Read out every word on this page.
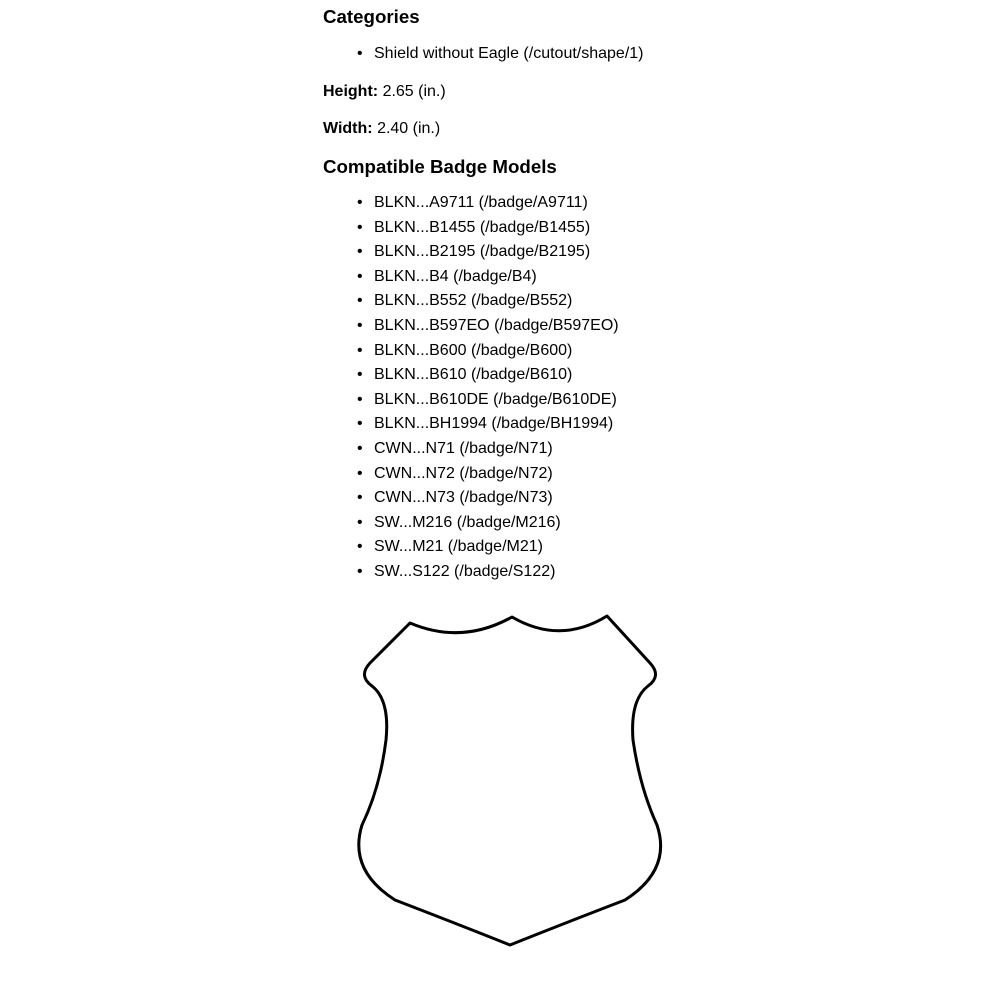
Categories
• Shield without Eagle (/cutout/shape/1)
Height: 2.65 (in.)
Width: 2.40 (in.)
Compatible Badge Models
• BLKN...A9711 (/badge/A9711)
• BLKN...B1455 (/badge/B1455)
• BLKN...B2195 (/badge/B2195)
• BLKN...B4 (/badge/B4)
• BLKN...B552 (/badge/B552)
• BLKN...B597EO (/badge/B597EO)
• BLKN...B600 (/badge/B600)
• BLKN...B610 (/badge/B610)
• BLKN...B610DE (/badge/B610DE)
• BLKN...BH1994 (/badge/BH1994)
• CWN...N71 (/badge/N71)
• CWN...N72 (/badge/N72)
• CWN...N73 (/badge/N73)
• SW...M216 (/badge/M216)
• SW...M21 (/badge/M21)
• SW...S122 (/badge/S122)
